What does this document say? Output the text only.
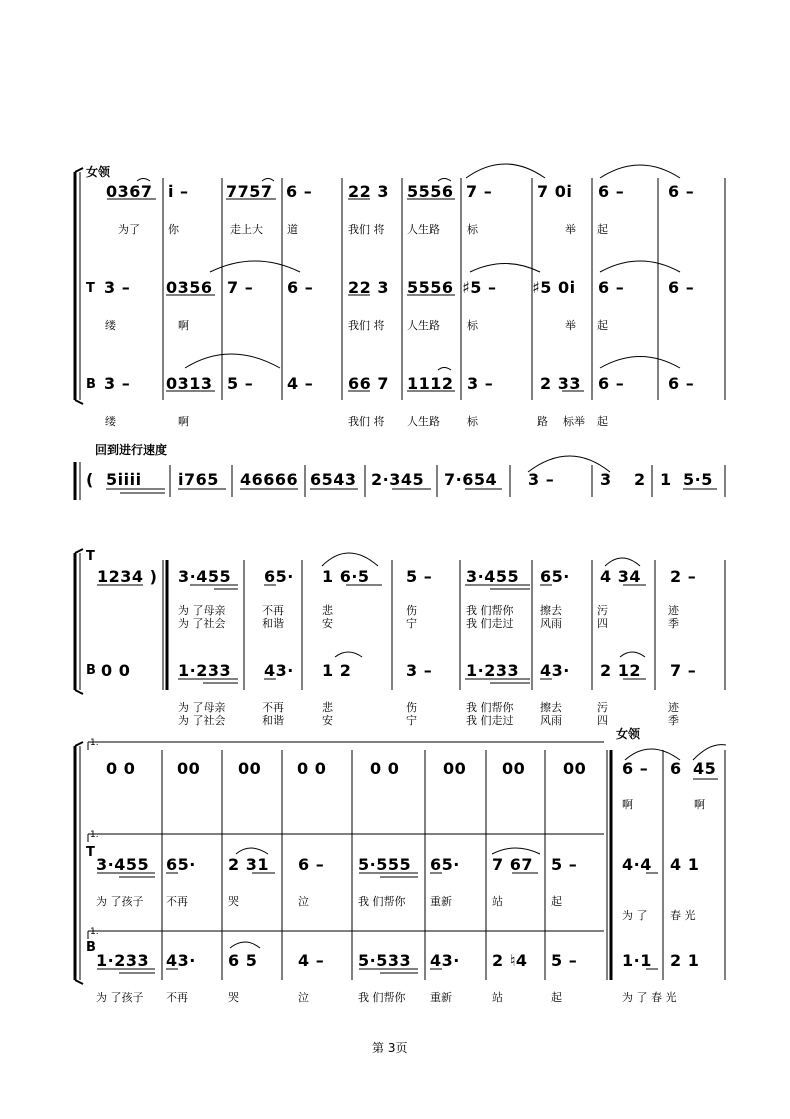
女领
T
B
0367 i̇ – 7757 6 – 22 3 5556 7 –	7 0i̇ 6 –	6 –
为了	你	走上大 道	我们 将 人生路 标	举 起
3 – 0356 7 – 6 – 22 3 5556 ♯5 – ♯5 0i̇ 6 –	6 –
缕	啊	我们 将 人生路 标	举 起
3 – 0313 5 – 4 – 66 7 1112 3 –	2 33 6 –	6 –
缕	啊	我们 将 人生路 标	路 标举 起
回到进行速度
( 5i̇i̇i̇i̇ i̇765 46666 6543 2·345 7·654 3 –	3 2 1 5·5
T
B
1234 )
0 0
3·455 65· 1 6·5 5 – 3·455 65· 4 34 2 –
为 了母亲	不再	悲	伤	我 们帮你 擦去	污	迹
为 了社会	和谐	安	宁	我 们走过 风雨	四	季
1·233 43· 1 2	3 – 1·233 43· 2 12 7 –
为 了母亲	不再	悲	伤	我 们帮你 擦去	污	迹
为 了社会	和谐	安	宁	我 们走过 风雨	四	季
1.
1.
1.
女领
T
B
0 0	00 00 0 0	0 0	00 00 00 6 – 6 45
啊	啊
3·455 65· 2 31 6 – 5·555 65· 7 67 5 –	4·4 4 1
为 了孩子 不再	哭	泣	我 们帮你 重新	站	起
为 了 春 光
1·233 43· 6 5	4 – 5·533 43· 2 ♮4 5 –	1·1 2 1
为 了孩子 不再	哭	泣	我 们帮你 重新	站	起	为 了 春 光
第 3页
